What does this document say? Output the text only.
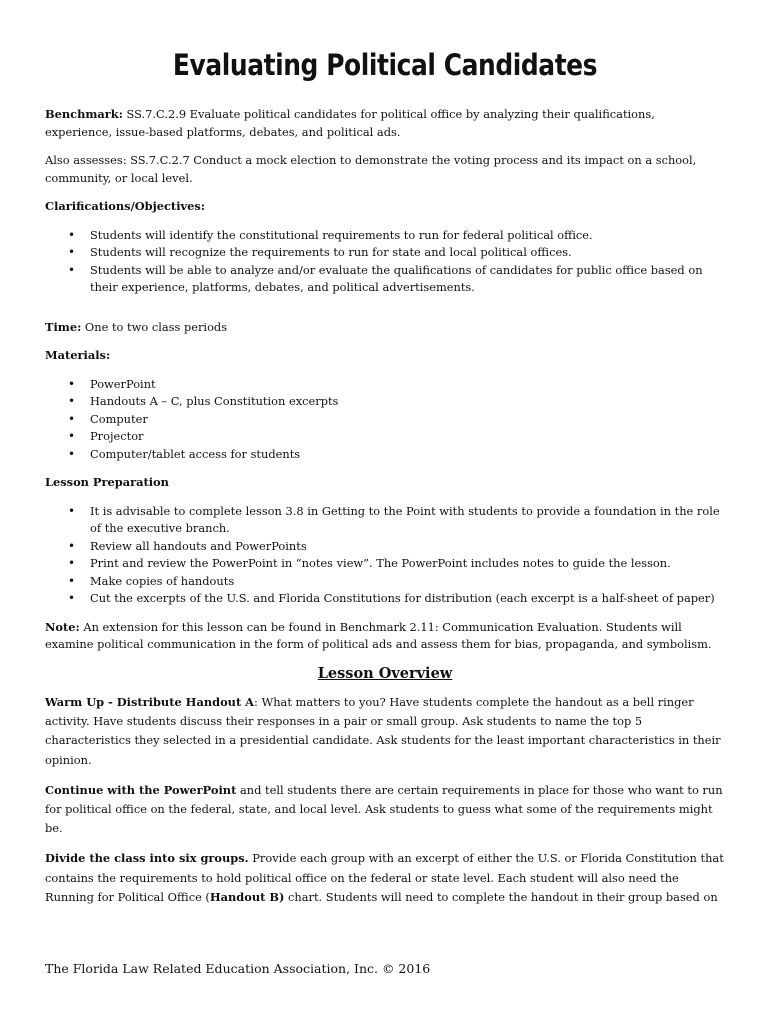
Evaluating Political Candidates

Benchmark: SS.7.C.2.9 Evaluate political candidates for political office by analyzing their qualifications, experience, issue-based platforms, debates, and political ads.

Also assesses: SS.7.C.2.7 Conduct a mock election to demonstrate the voting process and its impact on a school, community, or local level.

Clarifications/Objectives:

• Students will identify the constitutional requirements to run for federal political office.
• Students will recognize the requirements to run for state and local political offices.
• Students will be able to analyze and/or evaluate the qualifications of candidates for public office based on their experience, platforms, debates, and political advertisements.

Time: One to two class periods

Materials:

• PowerPoint
• Handouts A – C, plus Constitution excerpts
• Computer
• Projector
• Computer/tablet access for students

Lesson Preparation

• It is advisable to complete lesson 3.8 in Getting to the Point with students to provide a foundation in the role of the executive branch.
• Review all handouts and PowerPoints
• Print and review the PowerPoint in “notes view”. The PowerPoint includes notes to guide the lesson.
• Make copies of handouts
• Cut the excerpts of the U.S. and Florida Constitutions for distribution (each excerpt is a half-sheet of paper)

Note: An extension for this lesson can be found in Benchmark 2.11: Communication Evaluation. Students will examine political communication in the form of political ads and assess them for bias, propaganda, and symbolism.

Lesson Overview

Warm Up - Distribute Handout A: What matters to you? Have students complete the handout as a bell ringer activity. Have students discuss their responses in a pair or small group. Ask students to name the top 5 characteristics they selected in a presidential candidate. Ask students for the least important characteristics in their opinion.

Continue with the PowerPoint and tell students there are certain requirements in place for those who want to run for political office on the federal, state, and local level. Ask students to guess what some of the requirements might be.

Divide the class into six groups. Provide each group with an excerpt of either the U.S. or Florida Constitution that contains the requirements to hold political office on the federal or state level. Each student will also need the Running for Political Office (Handout B) chart. Students will need to complete the handout in their group based on

The Florida Law Related Education Association, Inc. © 2016
